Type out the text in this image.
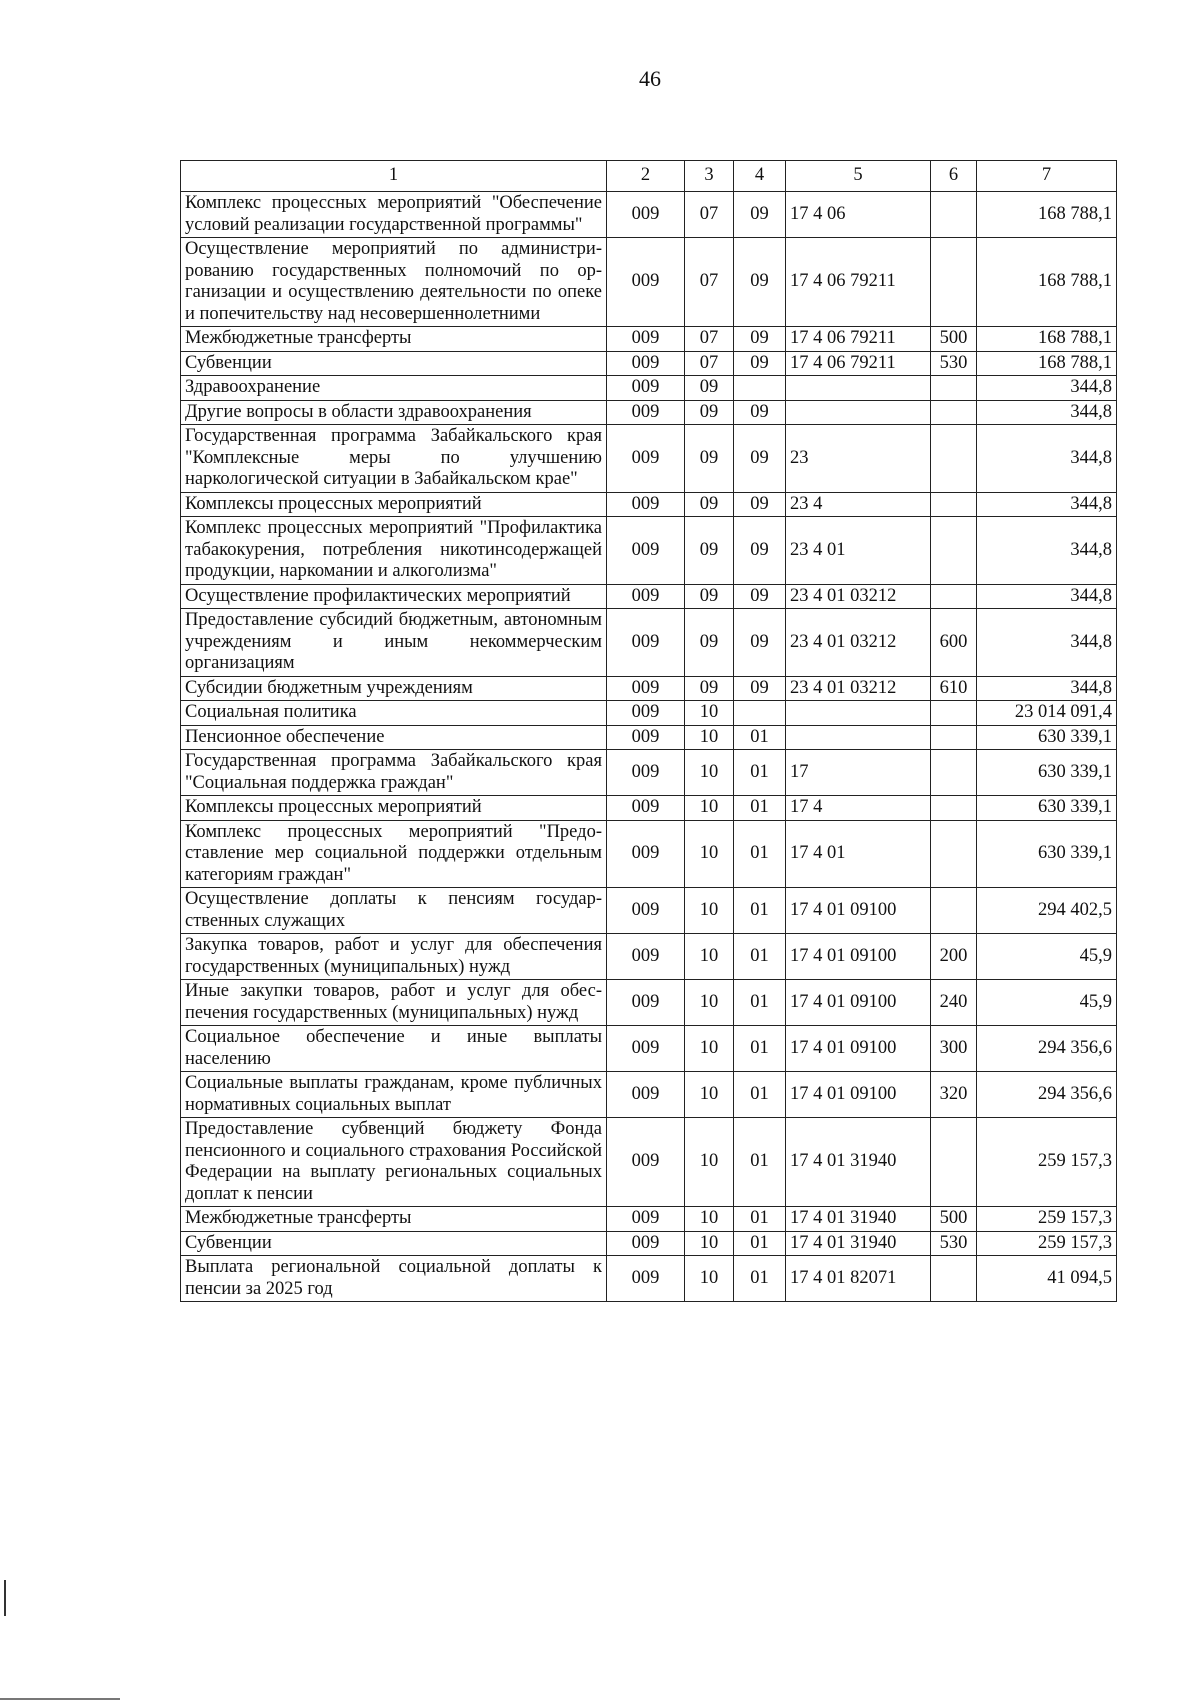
46
1	2	3	4	5	6	7
Комплекс процессных мероприятий "Обеспечение условий реализации государственной программы"	009	07	09	17 4 06		168 788,1
Осуществление мероприятий по администрированию государственных полномочий по организации и осуществлению деятельности по опеке и попечительству над несовершеннолетними	009	07	09	17 4 06 79211		168 788,1
Межбюджетные трансферты	009	07	09	17 4 06 79211	500	168 788,1
Субвенции	009	07	09	17 4 06 79211	530	168 788,1
Здравоохранение	009	09				344,8
Другие вопросы в области здравоохранения	009	09	09			344,8
Государственная программа Забайкальского края "Комплексные меры по улучшению наркологической ситуации в Забайкальском крае"	009	09	09	23		344,8
Комплексы процессных мероприятий	009	09	09	23 4		344,8
Комплекс процессных мероприятий "Профилактика табакокурения, потребления никотинсодержащей продукции, наркомании и алкоголизма"	009	09	09	23 4 01		344,8
Осуществление профилактических мероприятий	009	09	09	23 4 01 03212		344,8
Предоставление субсидий бюджетным, автономным учреждениям и иным некоммерческим организациям	009	09	09	23 4 01 03212	600	344,8
Субсидии бюджетным учреждениям	009	09	09	23 4 01 03212	610	344,8
Социальная политика	009	10				23 014 091,4
Пенсионное обеспечение	009	10	01			630 339,1
Государственная программа Забайкальского края "Социальная поддержка граждан"	009	10	01	17		630 339,1
Комплексы процессных мероприятий	009	10	01	17 4		630 339,1
Комплекс процессных мероприятий "Предоставление мер социальной поддержки отдельным категориям граждан"	009	10	01	17 4 01		630 339,1
Осуществление доплаты к пенсиям государственных служащих	009	10	01	17 4 01 09100		294 402,5
Закупка товаров, работ и услуг для обеспечения государственных (муниципальных) нужд	009	10	01	17 4 01 09100	200	45,9
Иные закупки товаров, работ и услуг для обеспечения государственных (муниципальных) нужд	009	10	01	17 4 01 09100	240	45,9
Социальное обеспечение и иные выплаты населению	009	10	01	17 4 01 09100	300	294 356,6
Социальные выплаты гражданам, кроме публичных нормативных социальных выплат	009	10	01	17 4 01 09100	320	294 356,6
Предоставление субвенций бюджету Фонда пенсионного и социального страхования Российской Федерации на выплату региональных социальных доплат к пенсии	009	10	01	17 4 01 31940		259 157,3
Межбюджетные трансферты	009	10	01	17 4 01 31940	500	259 157,3
Субвенции	009	10	01	17 4 01 31940	530	259 157,3
Выплата региональной социальной доплаты к пенсии за 2025 год	009	10	01	17 4 01 82071		41 094,5
